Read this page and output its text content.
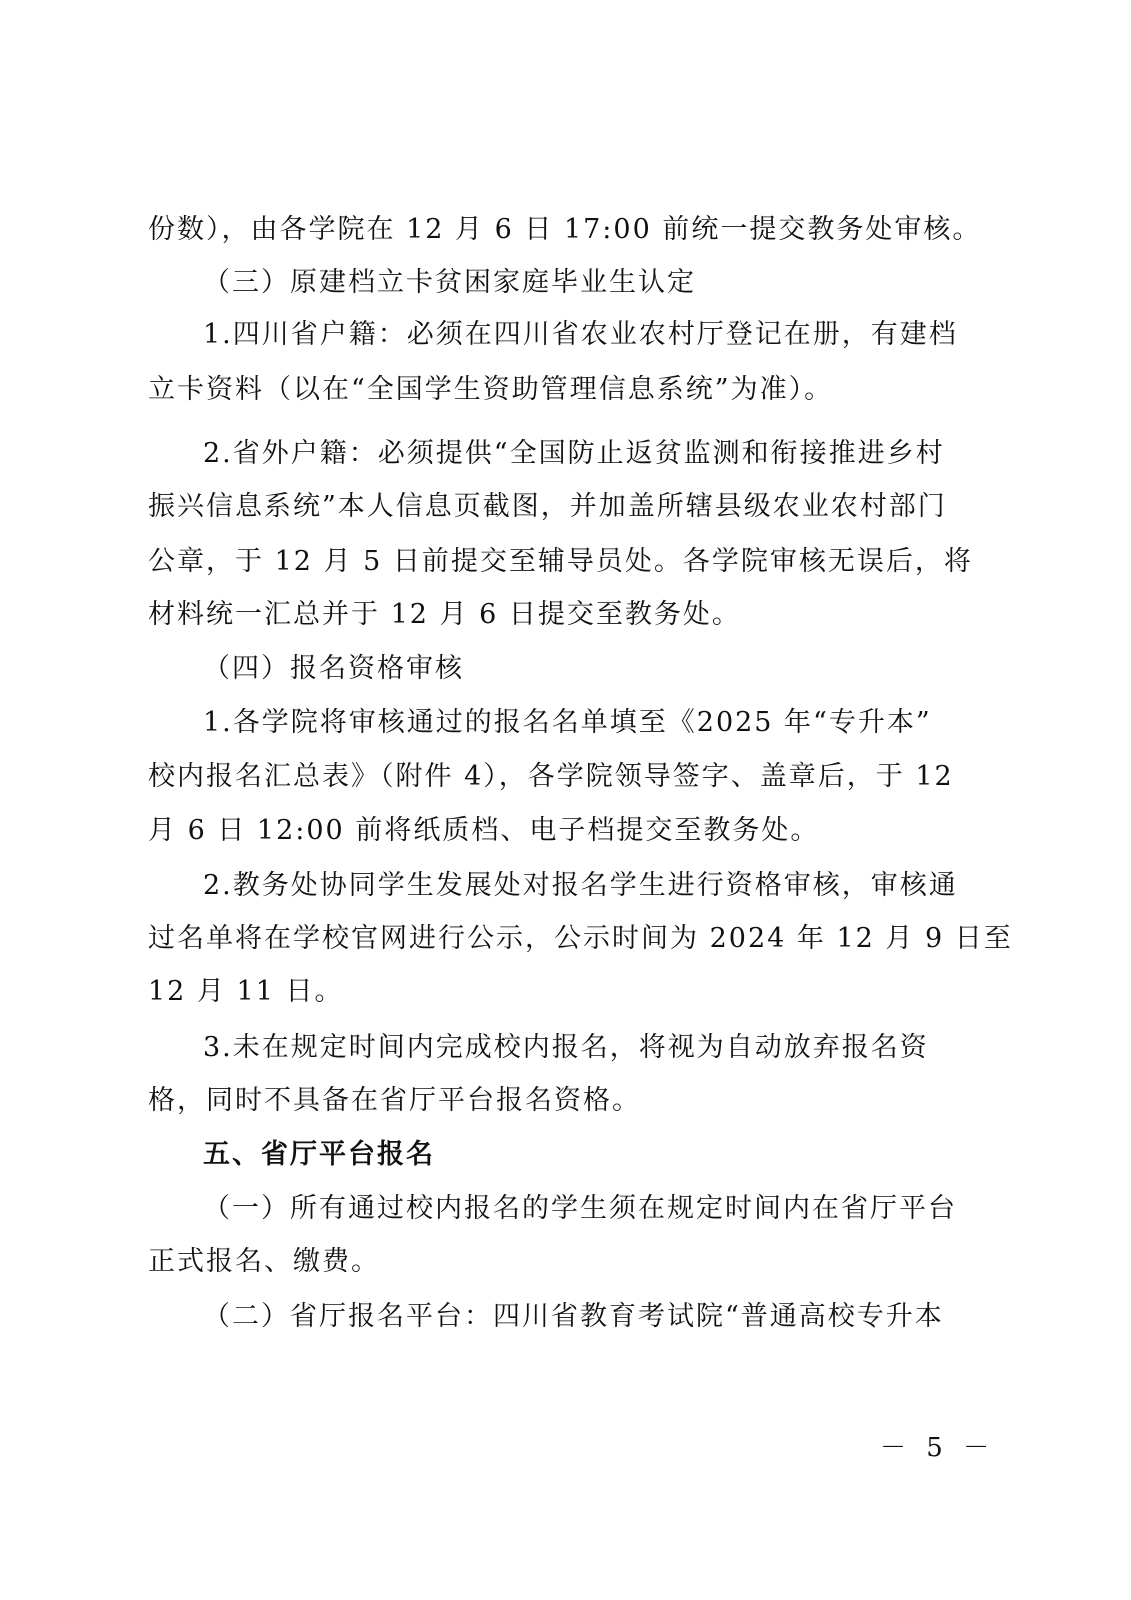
份数），由各学院在 12 月 6 日 17:00 前统一提交教务处审核。
（三）原建档立卡贫困家庭毕业生认定
1.四川省户籍：必须在四川省农业农村厅登记在册，有建档
立卡资料（以在“全国学生资助管理信息系统”为准）。
2.省外户籍：必须提供“全国防止返贫监测和衔接推进乡村
振兴信息系统”本人信息页截图，并加盖所辖县级农业农村部门
公章，于 12 月 5 日前提交至辅导员处。各学院审核无误后，将
材料统一汇总并于 12 月 6 日提交至教务处。
（四）报名资格审核
1.各学院将审核通过的报名名单填至《2025 年“专升本”
校内报名汇总表》（附件 4），各学院领导签字、盖章后，于 12
月 6 日 12:00 前将纸质档、电子档提交至教务处。
2.教务处协同学生发展处对报名学生进行资格审核，审核通
过名单将在学校官网进行公示，公示时间为 2024 年 12 月 9 日至
12 月 11 日。
3.未在规定时间内完成校内报名，将视为自动放弃报名资
格，同时不具备在省厅平台报名资格。
五、省厅平台报名
（一）所有通过校内报名的学生须在规定时间内在省厅平台
正式报名、缴费。
（二）省厅报名平台：四川省教育考试院“普通高校专升本
－ 5 －
